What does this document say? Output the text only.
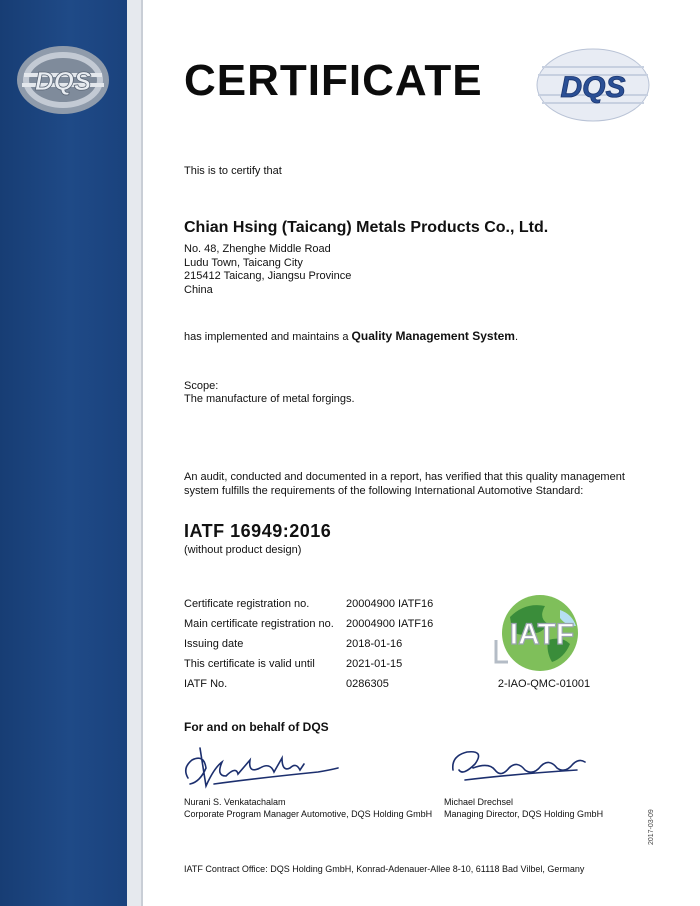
DQS CERTIFICATE	DQS
This is to certify that
Chian Hsing (Taicang) Metals Products Co., Ltd.
No. 48, Zhenghe Middle Road
Ludu Town, Taicang City
215412 Taicang, Jiangsu Province
China
has implemented and maintains a Quality Management System.
Scope:
The manufacture of metal forgings.
An audit, conducted and documented in a report, has verified that this quality management
system fulfills the requirements of the following International Automotive Standard:
IATF 16949:2016
(without product design)
Certificate registration no.	20004900 IATF16
Main certificate registration no.	20004900 IATF16
Issuing date	2018-01-16
This certificate is valid until	2021-01-15
IATF No.	0286305
IATF
2-IAO-QMC-01001
For and on behalf of DQS
Nurani S. Venkatachalam
Corporate Program Manager Automotive, DQS Holding GmbH
Michael Drechsel
Managing Director, DQS Holding GmbH
IATF Contract Office: DQS Holding GmbH, Konrad-Adenauer-Allee 8-10, 61118 Bad Vilbel, Germany
2017-03-09
